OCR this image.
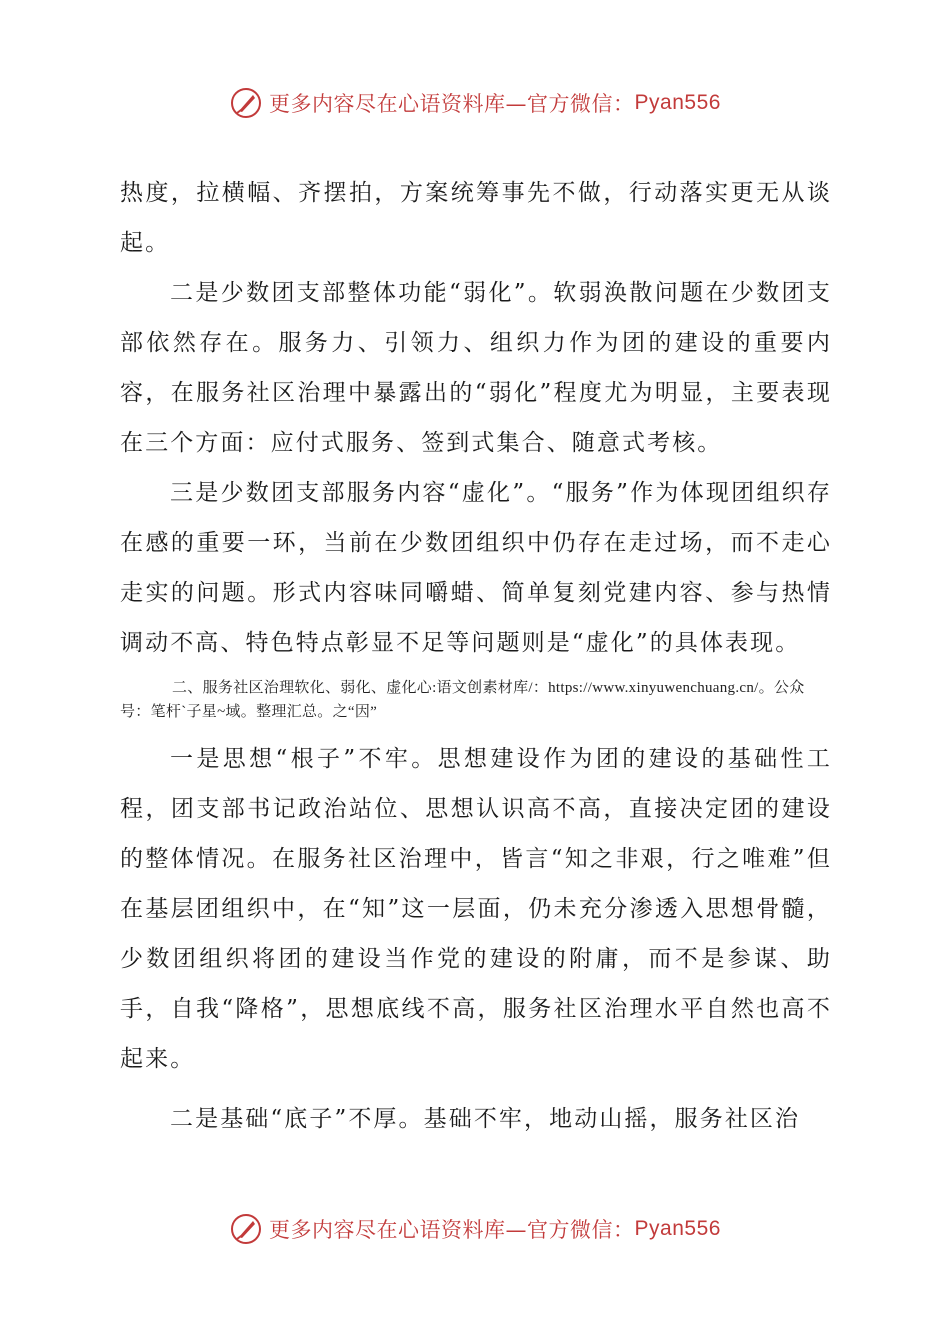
更多内容尽在心语资料库—官方微信： Pyan556

热度，拉横幅、齐摆拍，方案统筹事先不做，行动落实更无从谈起。

二是少数团支部整体功能“弱化”。软弱涣散问题在少数团支部依然存在。服务力、引领力、组织力作为团的建设的重要内容，在服务社区治理中暴露出的“弱化”程度尤为明显，主要表现在三个方面：应付式服务、签到式集合、随意式考核。

三是少数团支部服务内容“虚化”。“服务”作为体现团组织存在感的重要一环，当前在少数团组织中仍存在走过场，而不走心走实的问题。形式内容味同嚼蜡、简单复刻党建内容、参与热情调动不高、特色特点彰显不足等问题则是“虚化”的具体表现。

二、服务社区治理软化、弱化、虚化心:语文创素材库/：https://www.xinyuwenchuang.cn/。公众号：笔杆`子星~域。整理汇总。之“因”

一是思想“根子”不牢。思想建设作为团的建设的基础性工程，团支部书记政治站位、思想认识高不高，直接决定团的建设的整体情况。在服务社区治理中，皆言“知之非艰，行之唯难”但在基层团组织中，在“知”这一层面，仍未充分渗透入思想骨髓，少数团组织将团的建设当作党的建设的附庸，而不是参谋、助手，自我“降格”，思想底线不高，服务社区治理水平自然也高不起来。

二是基础“底子”不厚。基础不牢，地动山摇，服务社区治

更多内容尽在心语资料库—官方微信： Pyan556
